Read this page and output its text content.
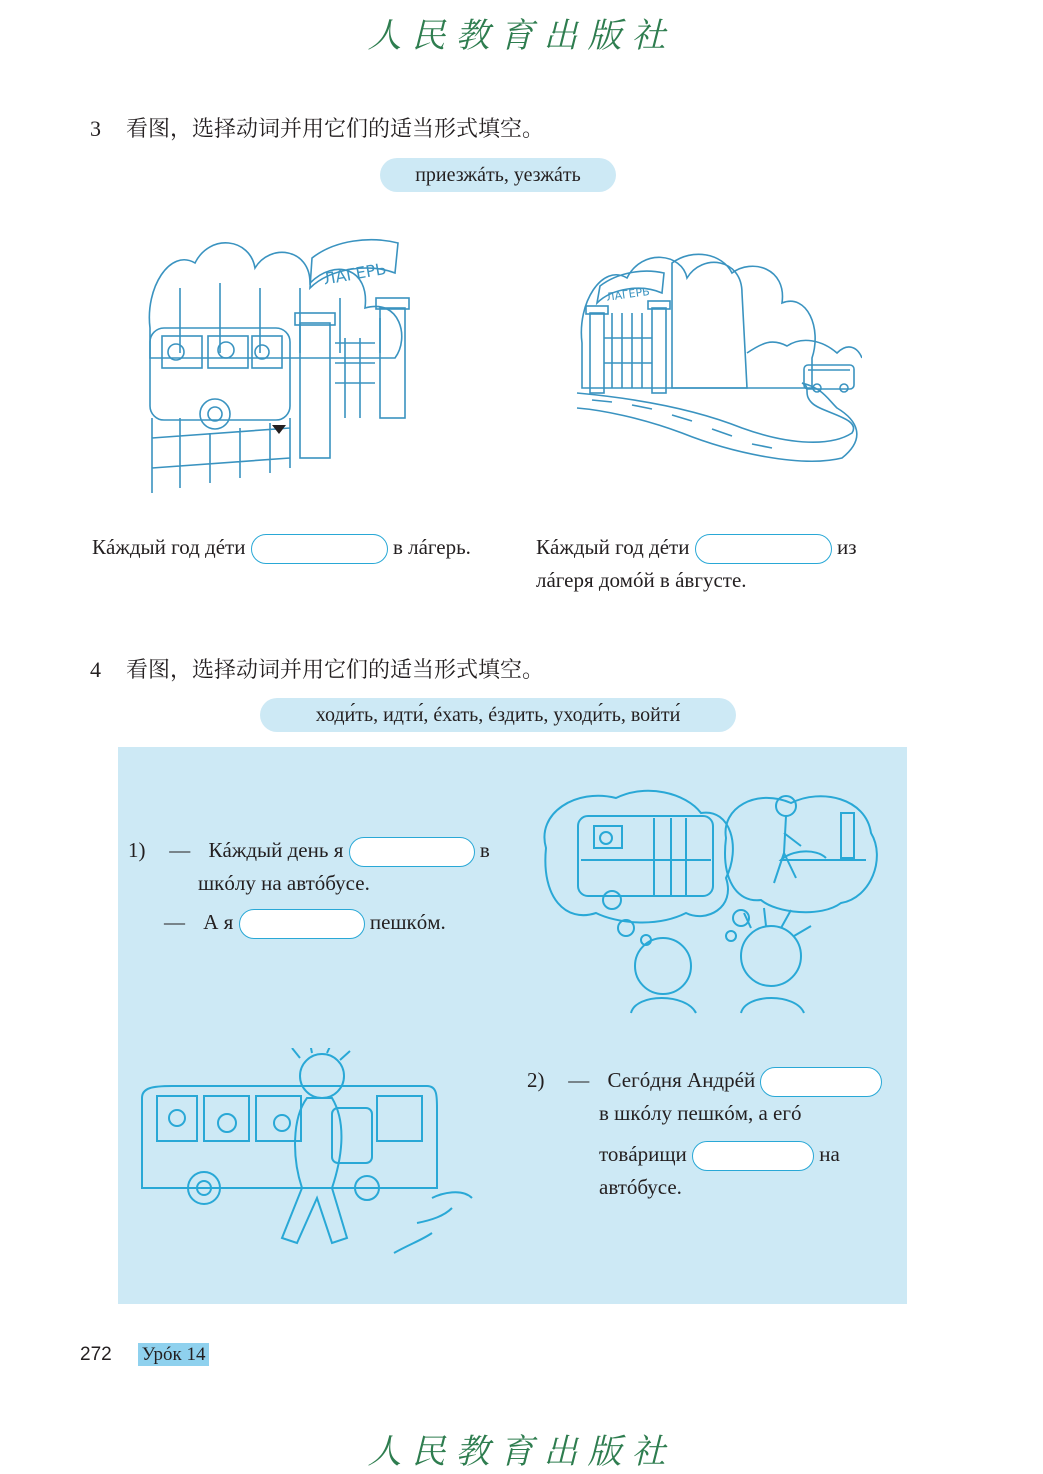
人民教育出版社
3 看图，选择动词并用它们的适当形式填空。
приезжáть, уезжáть
ЛАГЕРЬ
ЛАГЕРЬ
Кáждый год дéти	в лáгерь.	Кáждый год дéти	из
лáгеря домóй в áвгусте.
4 看图，选择动词并用它们的适当形式填空。
ходи́ть, идти́, éхать, éздить, уходи́ть, войти́
1) — Кáждый день я	в
шкóлу на автóбусе.
— А я	пешкóм.
2) — Сегóдня Андрéй
в шкóлу пешкóм, а егó
товáрищи	на
автóбусе.
272 Урóк 14
人民教育出版社
